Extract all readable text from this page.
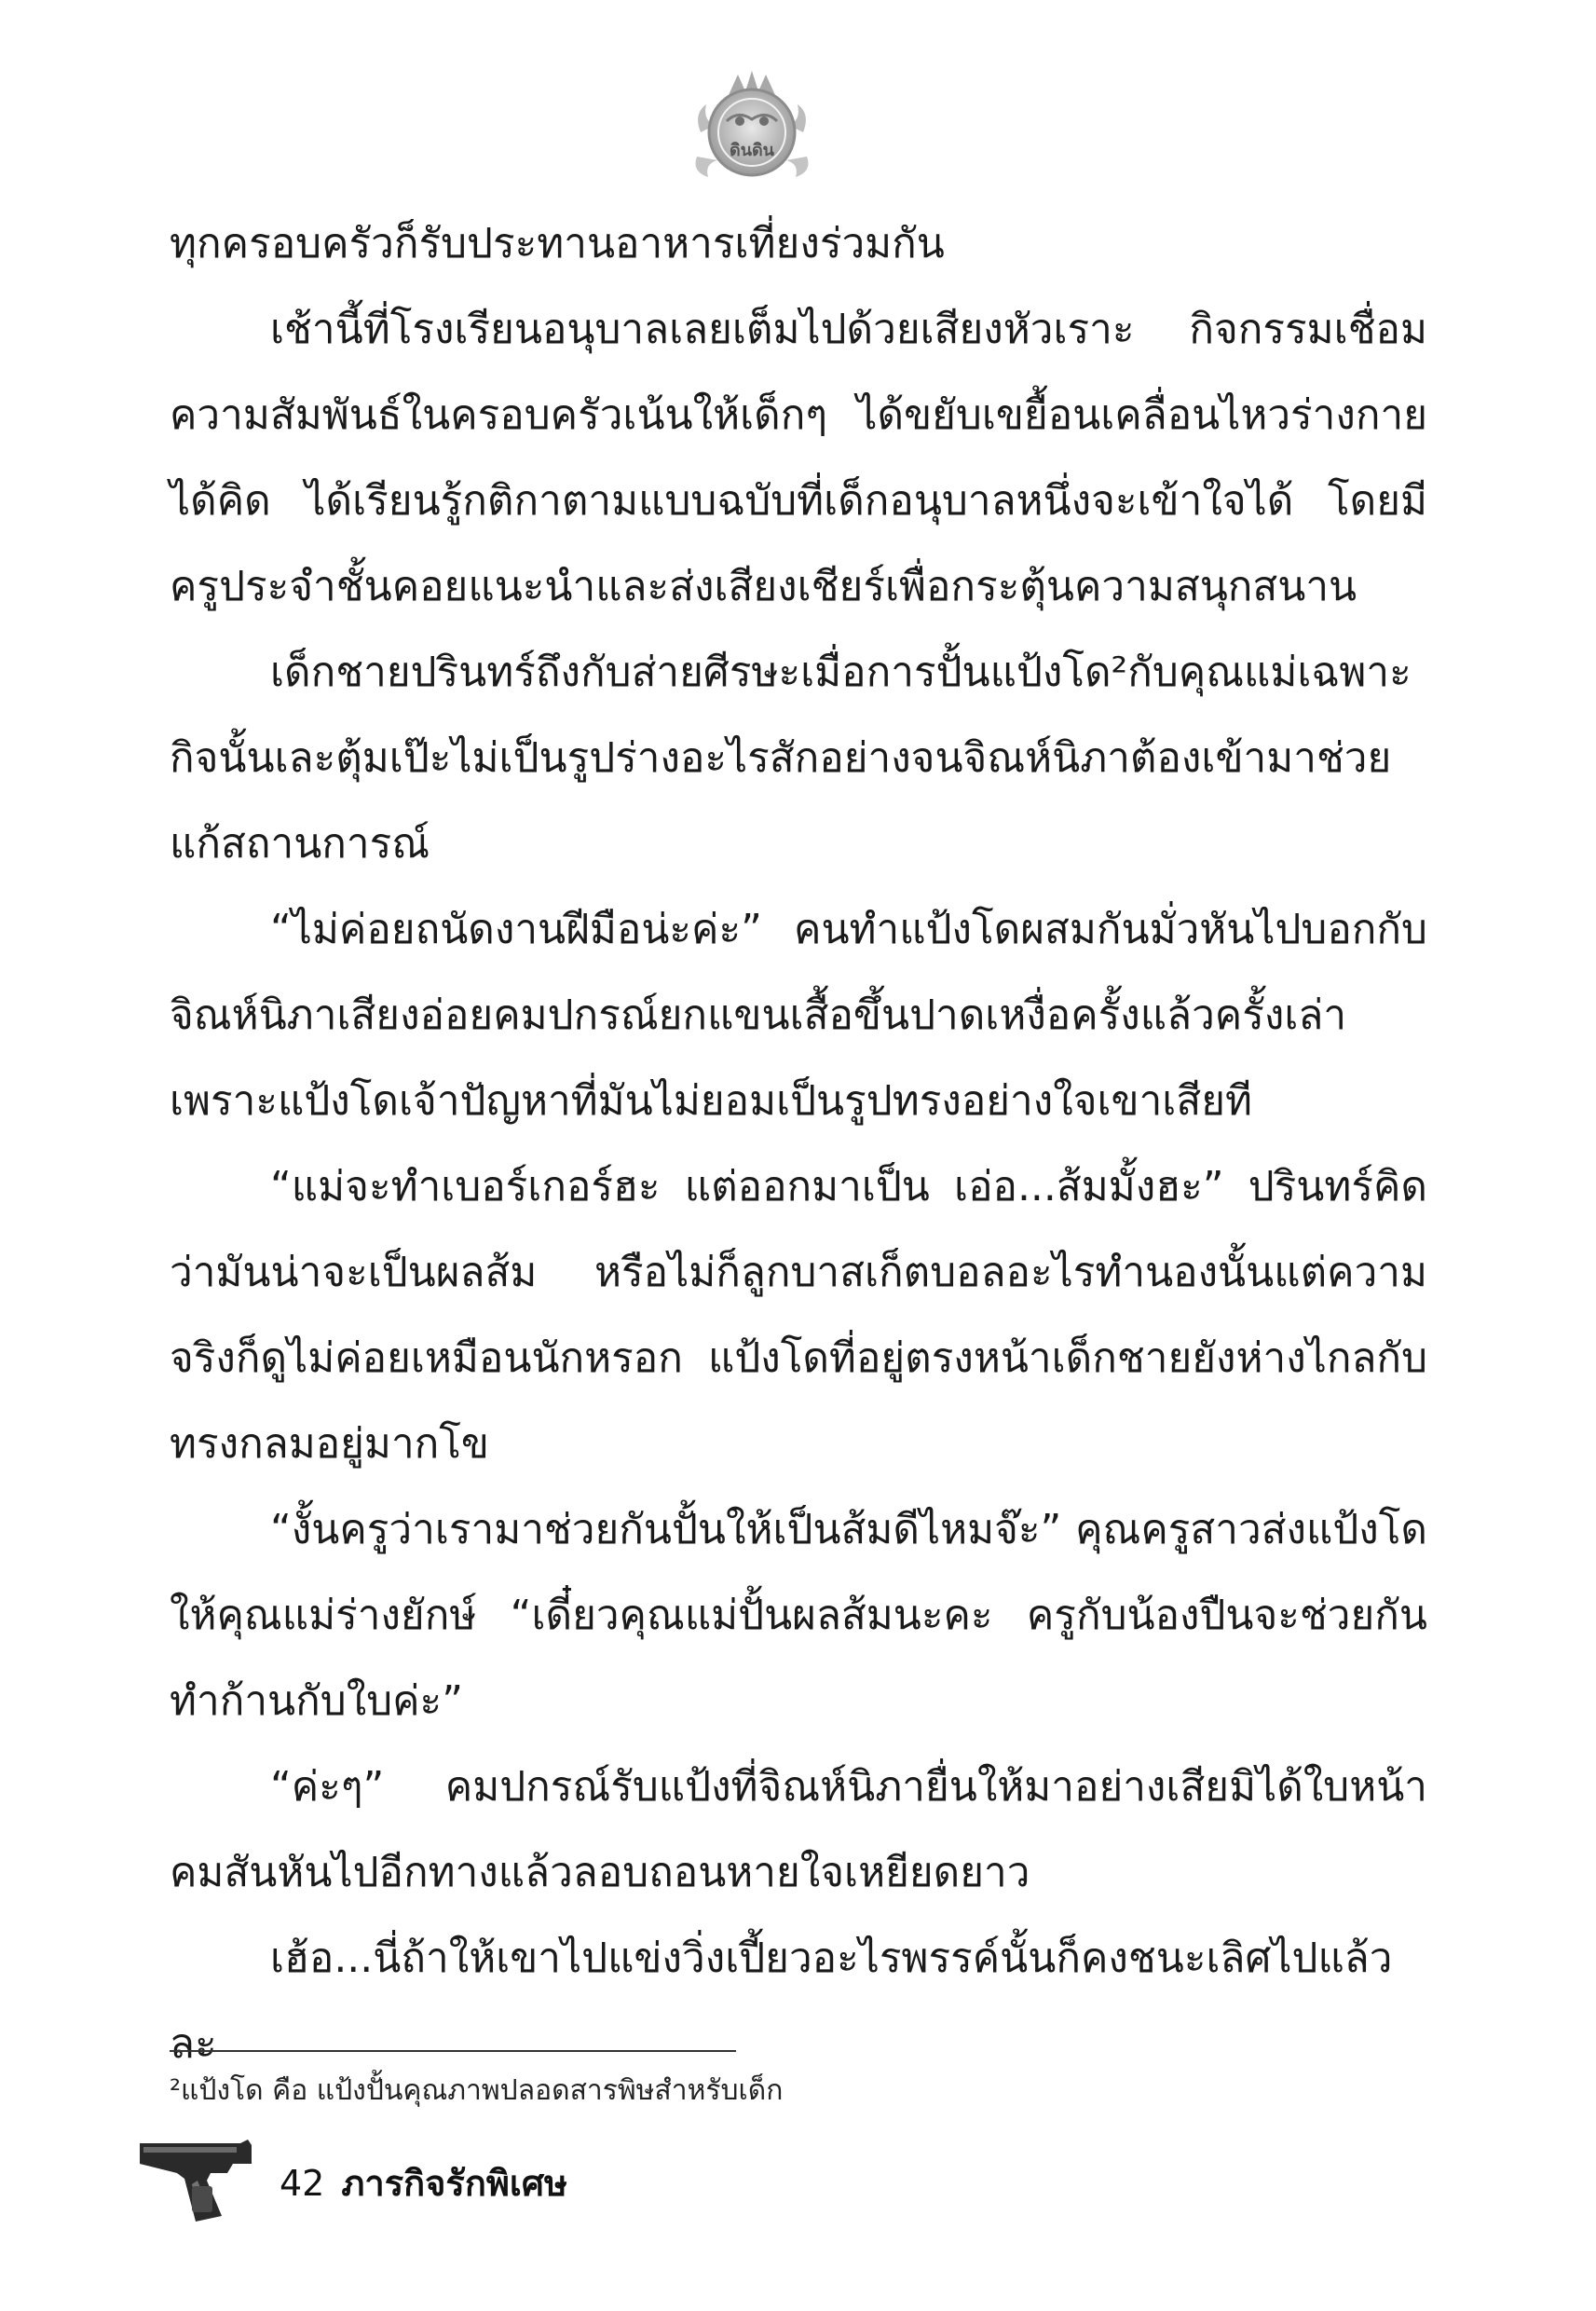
ดินดิน

ทุกครอบครัวก็รับประทานอาหารเที่ยงร่วมกัน

เช้านี้ที่โรงเรียนอนุบาลเลยเต็มไปด้วยเสียงหัวเราะ กิจกรรมเชื่อมความสัมพันธ์ในครอบครัวเน้นให้เด็กๆ ได้ขยับเขยื้อนเคลื่อนไหวร่างกาย ได้คิด ได้เรียนรู้กติกาตามแบบฉบับที่เด็กอนุบาลหนึ่งจะเข้าใจได้ โดยมีครูประจำชั้นคอยแนะนำและส่งเสียงเชียร์เพื่อกระตุ้นความสนุกสนาน

เด็กชายปรินทร์ถึงกับส่ายศีรษะเมื่อการปั้นแป้งโด²กับคุณแม่เฉพาะกิจนั้นเละตุ้มเป๊ะไม่เป็นรูปร่างอะไรสักอย่างจนจิณห์นิภาต้องเข้ามาช่วยแก้สถานการณ์

“ไม่ค่อยถนัดงานฝีมือน่ะค่ะ” คนทำแป้งโดผสมกันมั่วหันไปบอกกับจิณห์นิภาเสียงอ่อยคมปกรณ์ยกแขนเสื้อขึ้นปาดเหงื่อครั้งแล้วครั้งเล่าเพราะแป้งโดเจ้าปัญหาที่มันไม่ยอมเป็นรูปทรงอย่างใจเขาเสียที

“แม่จะทำเบอร์เกอร์ฮะ แต่ออกมาเป็น เอ่อ...ส้มมั้งฮะ” ปรินทร์คิดว่ามันน่าจะเป็นผลส้ม หรือไม่ก็ลูกบาสเก็ตบอลอะไรทำนองนั้นแต่ความจริงก็ดูไม่ค่อยเหมือนนักหรอก แป้งโดที่อยู่ตรงหน้าเด็กชายยังห่างไกลกับทรงกลมอยู่มากโข

“งั้นครูว่าเรามาช่วยกันปั้นให้เป็นส้มดีไหมจ๊ะ” คุณครูสาวส่งแป้งโดให้คุณแม่ร่างยักษ์ “เดี๋ยวคุณแม่ปั้นผลส้มนะคะ ครูกับน้องปืนจะช่วยกันทำก้านกับใบค่ะ”

“ค่ะๆ” คมปกรณ์รับแป้งที่จิณห์นิภายื่นให้มาอย่างเสียมิได้ใบหน้าคมสันหันไปอีกทางแล้วลอบถอนหายใจเหยียดยาว

เฮ้อ...นี่ถ้าให้เขาไปแข่งวิ่งเปี้ยวอะไรพรรค์นั้นก็คงชนะเลิศไปแล้วละ

²แป้งโด คือ แป้งปั้นคุณภาพปลอดสารพิษสำหรับเด็ก
42 ภารกิจรักพิเศษ
